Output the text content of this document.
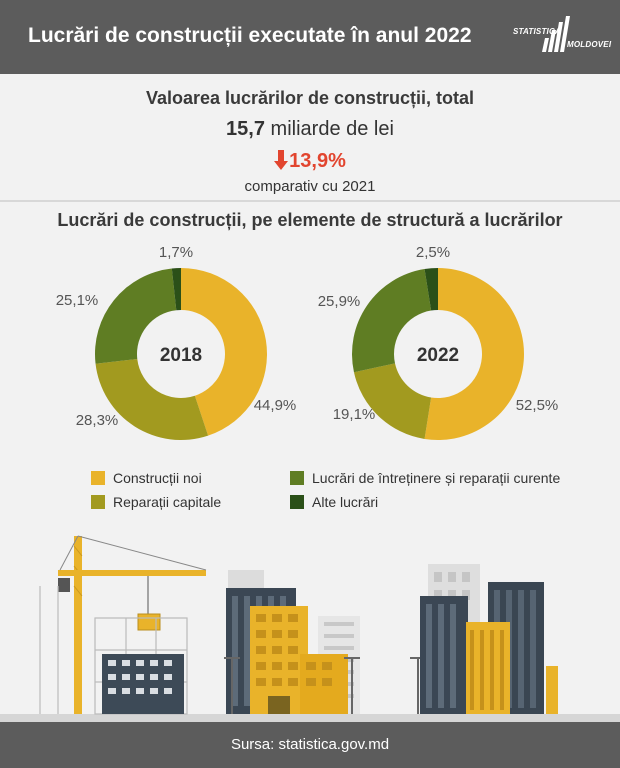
Lucrări de construcții executate în anul 2022	STATISTICA
MOLDOVEI
Valoarea lucrărilor de construcții, total
15,7 miliarde de lei
13,9%
comparativ cu 2021
Lucrări de construcții, pe elemente de structură a lucrărilor
44,9%
28,3%
25,1%
1,7%
2018
52,5%
19,1%
25,9%
2,5%
2022
Construcții noi
Reparații capitale
Lucrări de întreținere și reparații curente
Alte lucrări
Sursa: statistica.gov.md
